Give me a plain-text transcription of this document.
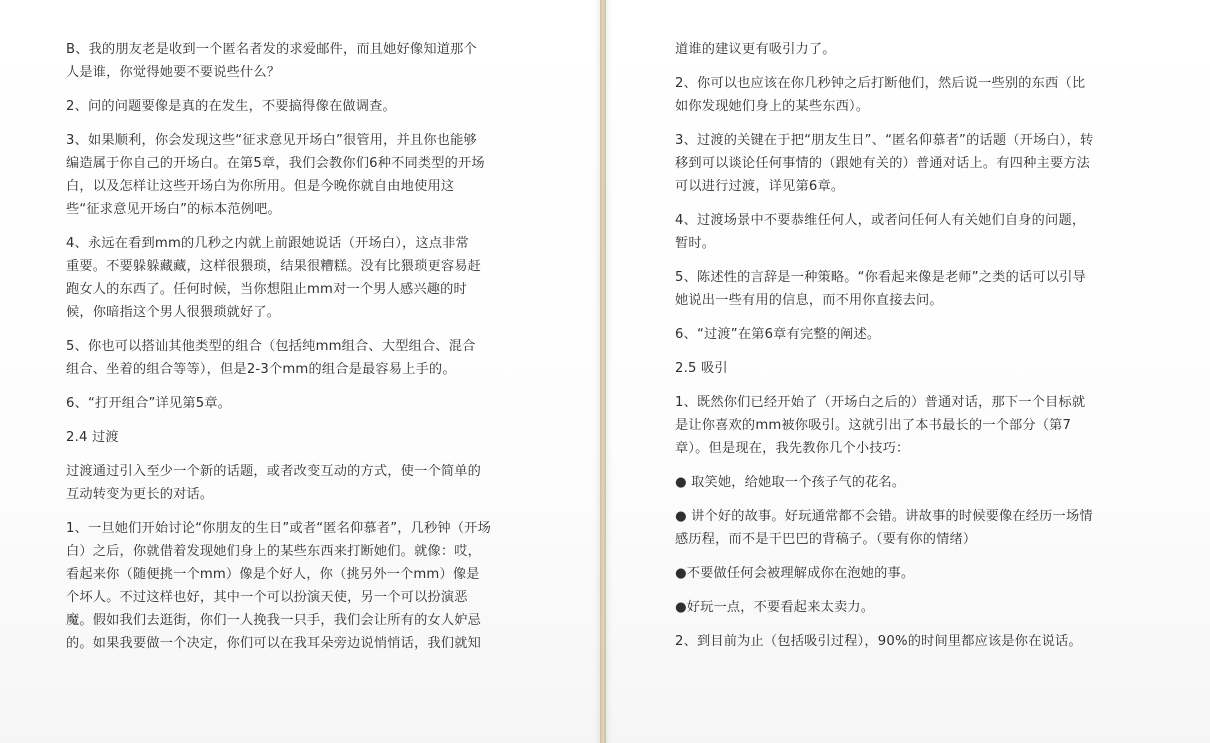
B、我的朋友老是收到一个匿名者发的求爱邮件，而且她好像知道那个
人是谁，你觉得她要不要说些什么？

2、问的问题要像是真的在发生，不要搞得像在做调查。

3、如果顺利，你会发现这些“征求意见开场白”很管用，并且你也能够
编造属于你自己的开场白。在第5章，我们会教你们6种不同类型的开场
白，以及怎样让这些开场白为你所用。但是今晚你就自由地使用这
些“征求意见开场白”的标本范例吧。

4、永远在看到mm的几秒之内就上前跟她说话（开场白），这点非常
重要。不要躲躲藏藏，这样很猥琐，结果很糟糕。没有比猥琐更容易赶
跑女人的东西了。任何时候，当你想阻止mm对一个男人感兴趣的时
候，你暗指这个男人很猥琐就好了。

5、你也可以搭讪其他类型的组合（包括纯mm组合、大型组合、混合
组合、坐着的组合等等），但是2-3个mm的组合是最容易上手的。

6、“打开组合”详见第5章。

2.4 过渡

过渡通过引入至少一个新的话题，或者改变互动的方式，使一个简单的
互动转变为更长的对话。

1、一旦她们开始讨论“你朋友的生日”或者“匿名仰慕者”，几秒钟（开场
白）之后，你就借着发现她们身上的某些东西来打断她们。就像：哎，
看起来你（随便挑一个mm）像是个好人，你（挑另外一个mm）像是
个坏人。不过这样也好，其中一个可以扮演天使，另一个可以扮演恶
魔。假如我们去逛街，你们一人挽我一只手，我们会让所有的女人妒忌
的。如果我要做一个决定，你们可以在我耳朵旁边说悄悄话，我们就知

道谁的建议更有吸引力了。

2、你可以也应该在你几秒钟之后打断他们，然后说一些别的东西（比
如你发现她们身上的某些东西）。

3、过渡的关键在于把“朋友生日”、“匿名仰慕者”的话题（开场白），转
移到可以谈论任何事情的（跟她有关的）普通对话上。有四种主要方法
可以进行过渡，详见第6章。

4、过渡场景中不要恭维任何人，或者问任何人有关她们自身的问题，
暂时。

5、陈述性的言辞是一种策略。“你看起来像是老师”之类的话可以引导
她说出一些有用的信息，而不用你直接去问。

6、“过渡”在第6章有完整的阐述。

2.5 吸引

1、既然你们已经开始了（开场白之后的）普通对话，那下一个目标就
是让你喜欢的mm被你吸引。这就引出了本书最长的一个部分（第7
章）。但是现在，我先教你几个小技巧：

● 取笑她，给她取一个孩子气的花名。

● 讲个好的故事。好玩通常都不会错。讲故事的时候要像在经历一场情
感历程，而不是干巴巴的背稿子。（要有你的情绪）

●不要做任何会被理解成你在泡她的事。

●好玩一点，不要看起来太卖力。

2、到目前为止（包括吸引过程），90%的时间里都应该是你在说话。
